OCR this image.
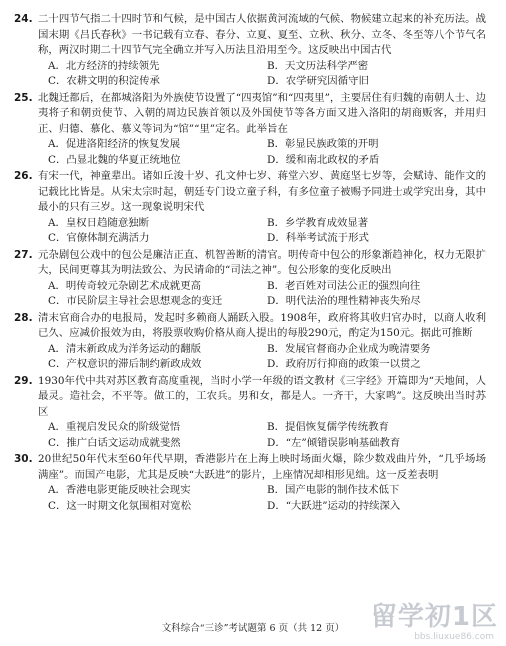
24. 二十四节气指二十四时节和气候，是中国古人依据黄河流域的气候、物候建立起来的补充历法。战国末期《吕氏春秋》一书记载有立春、春分、立夏、夏至、立秋、秋分、立冬、冬至等八个节气名称，两汉时期二十四节气完全确立并写入历法且沿用至今。这反映出中国古代
A．北方经济的持续领先	B．天文历法科学严密
C．农耕文明的积淀传承	D．农学研究因循守旧
25. 北魏迁都后，在都城洛阳为外族使节设置了“四夷馆”和“四夷里”，主要居住有归魏的南朝人士、边夷将子和朝贡使节、入朝的周边民族首领以及外国使节等各方面又进入洛阳的胡商贩客，并用归正、归德、慕化、慕义等词为“馆”“里”定名。此举旨在
A．促进洛阳经济的恢复发展	B．彰显民族政策的开明
C．凸显北魏的华夏正统地位	D．缓和南北政权的矛盾
26. 有宋一代，神童辈出。诸如丘浚十岁、孔文仲七岁、蒋堂六岁、黄庭坚七岁等，会赋诗、能作文的记载比比皆是。从宋太宗时起，朝廷专门设立童子科，有多位童子被赐予同进士或学究出身，其中最小的只有三岁。这一现象说明宋代
A．皇权日趋随意独断	B．乡学教育成效显著
C．官僚体制充满活力	D．科举考试流于形式
27. 元杂剧包公戏中的包公是廉洁正直、机智善断的清官。明传奇中包公的形象渐趋神化，权力无限扩大，民间更尊其为明法致公、为民请命的“司法之神”。包公形象的变化反映出
A．明传奇较元杂剧艺术成就更高	B．老百姓对司法公正的强烈向往
C．市民阶层主导社会思想观念的变迁	D．明代法治的理性精神丧失殆尽
28. 清末官商合办的电报局，发起时多赖商人踊跃入股。1908年，政府将其收归官办时，以商人收利已久、应减价报效为由，将股票收购价格从商人提出的每股290元，酌定为150元。据此可推断
A．清末新政成为洋务运动的翻版	B．发展官督商办企业成为晚清要务
C．产权意识的滞后制约新政成效	D．政府厉行抑商的政策一以贯之
29. 1930年代中共对苏区教育高度重视，当时小学一年级的语文教材《三字经》开篇即为“天地间，人最灵。造社会，不平等。做工的，工农兵。男和女，都是人。一齐干，大家鸣”。这反映出当时苏区
A．重视启发民众的阶级觉悟	B．提倡恢复儒学传统教育
C．推广白话文运动成就斐然	D．“左”倾错误影响基础教育
30. 20世纪50年代末至60年代早期，香港影片在上海上映时场面火爆，除少数戏曲片外，“几乎场场满座”。而国产电影，尤其是反映“大跃进”的影片，上座情况却相形见绌。这一反差表明
A．香港电影更能反映社会现实	B．国产电影的制作技术低下
C．这一时期文化氛围相对宽松	D．“大跃进”运动的持续深入
文科综合“三诊”考试题第 6 页（共 12 页）	留学初1区
bbs.liuxue86.com
